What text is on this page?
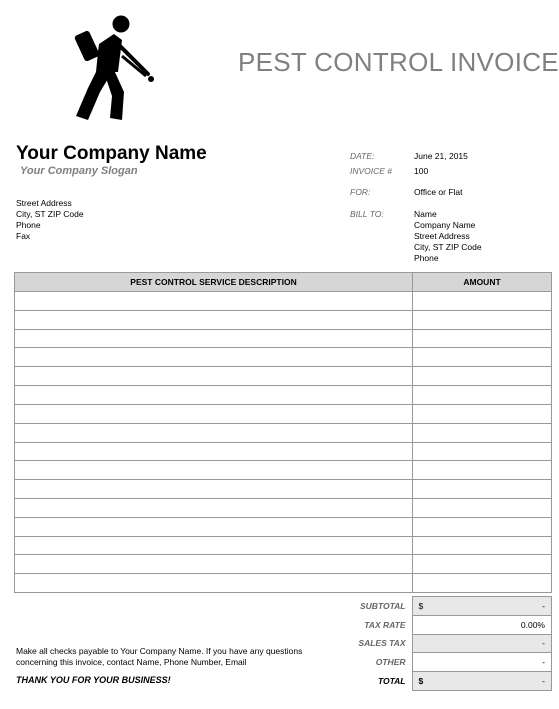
PEST CONTROL INVOICE
Your Company Name
Your Company Slogan
Street Address
City, ST ZIP Code
Phone
Fax
DATE:	June 21, 2015
INVOICE #	100
FOR:	Office or Flat
BILL TO:	Name
Company Name
Street Address
City, ST ZIP Code
Phone
PEST CONTROL SERVICE DESCRIPTION	AMOUNT

SUBTOTAL	$ -

TAX RATE	0.00%

SALES TAX	-

OTHER	-

TOTAL	$ -
Make all checks payable to Your Company Name. If you have any questions concerning this invoice, contact Name, Phone Number, Email
THANK YOU FOR YOUR BUSINESS!
